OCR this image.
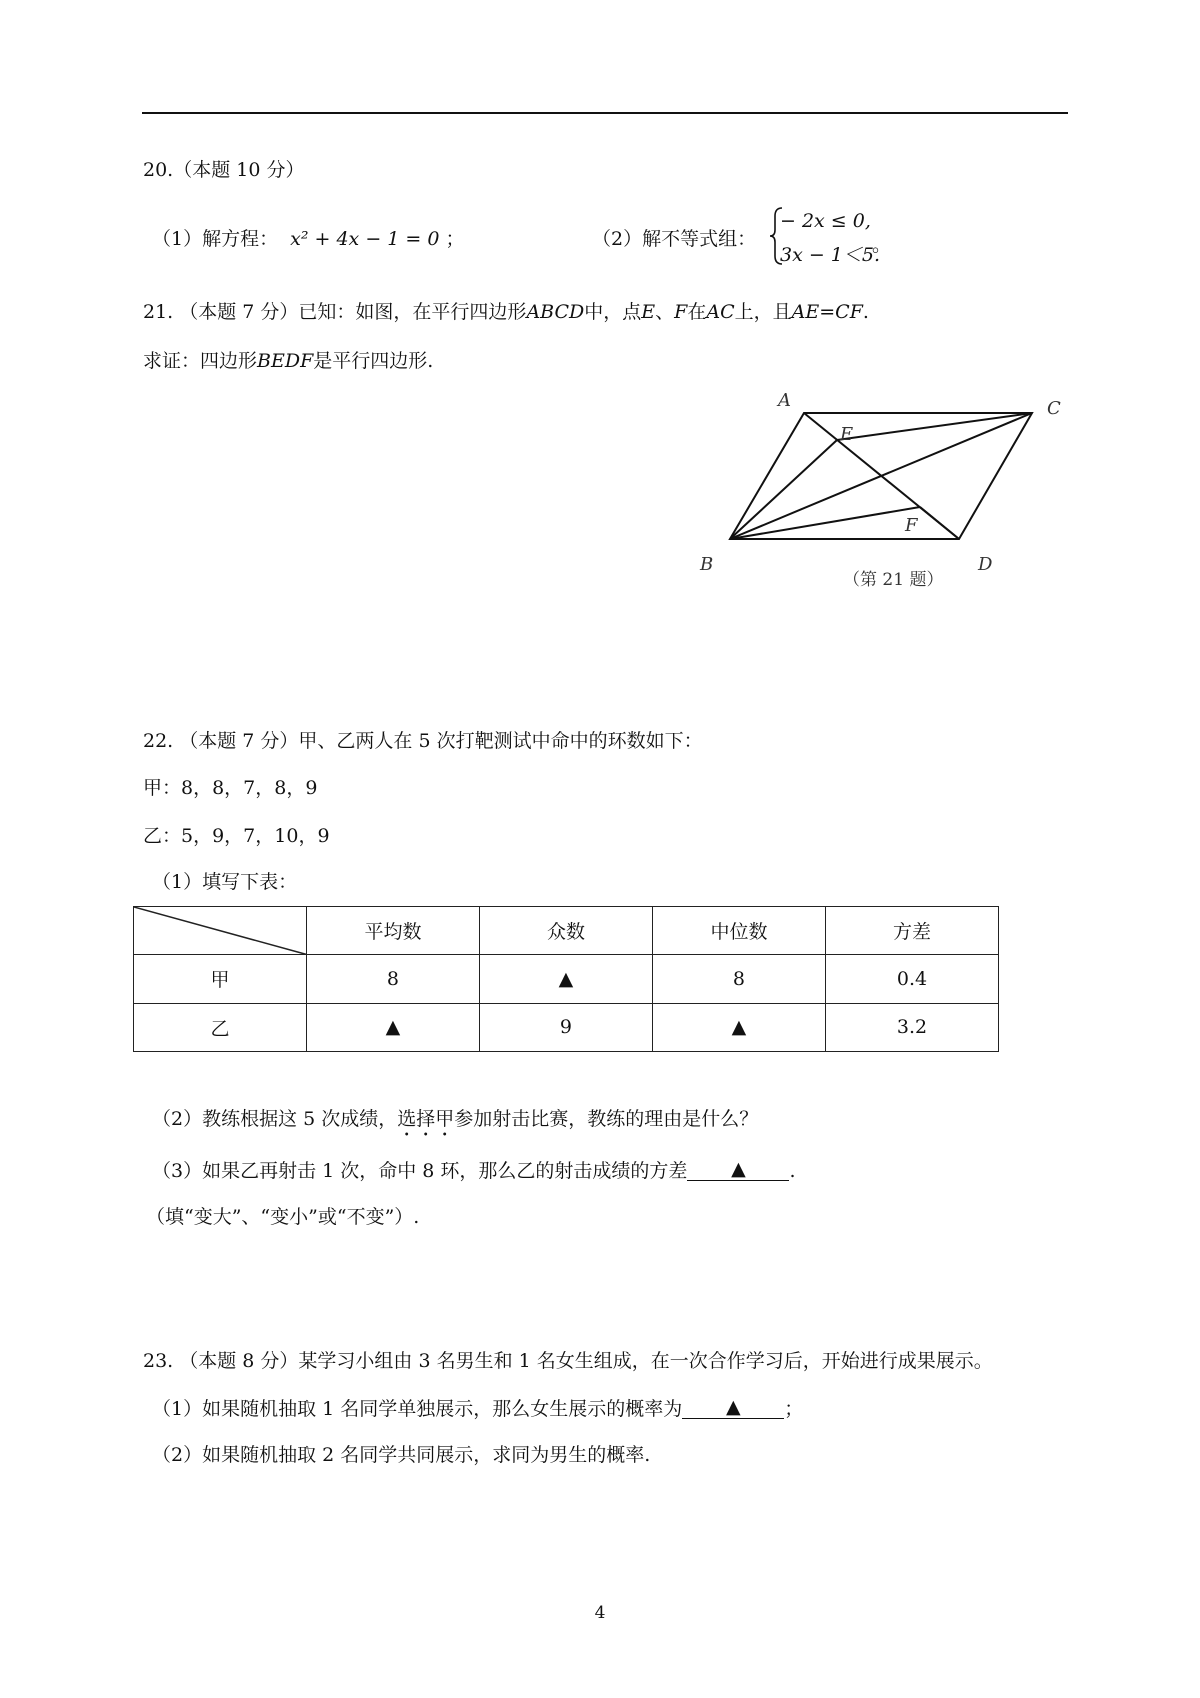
20.（本题 10 分）
（1）解方程： x² + 4x − 1 = 0 ；	（2）解不等式组：
− 2x ≤ 0,
3x − 1＜5.
。
21. （本题 7 分）已知：如图，在平行四边形ABCD中，点E、F在AC上，且AE=CF.
求证：四边形BEDF是平行四边形.
A	C
E
F
B	D
（第 21 题）
22. （本题 7 分）甲、乙两人在 5 次打靶测试中命中的环数如下：
甲：8，8，7，8，9
乙：5，9，7，10，9
（1）填写下表：
	平均数	众数	中位数	方差
甲	8	▲	8	0.4
乙	▲	9	▲	3.2
（2）教练根据这 5 次成绩，选择甲参加射击比赛，教练的理由是什么？
（3）如果乙再射击 1 次，命中 8 环，那么乙的射击成绩的方差 ▲ .
（填“变大”、“变小”或“不变”）.
23. （本题 8 分）某学习小组由 3 名男生和 1 名女生组成，在一次合作学习后，开始进行成果展示。
（1）如果随机抽取 1 名同学单独展示，那么女生展示的概率为 ▲ ；
（2）如果随机抽取 2 名同学共同展示，求同为男生的概率.
4
